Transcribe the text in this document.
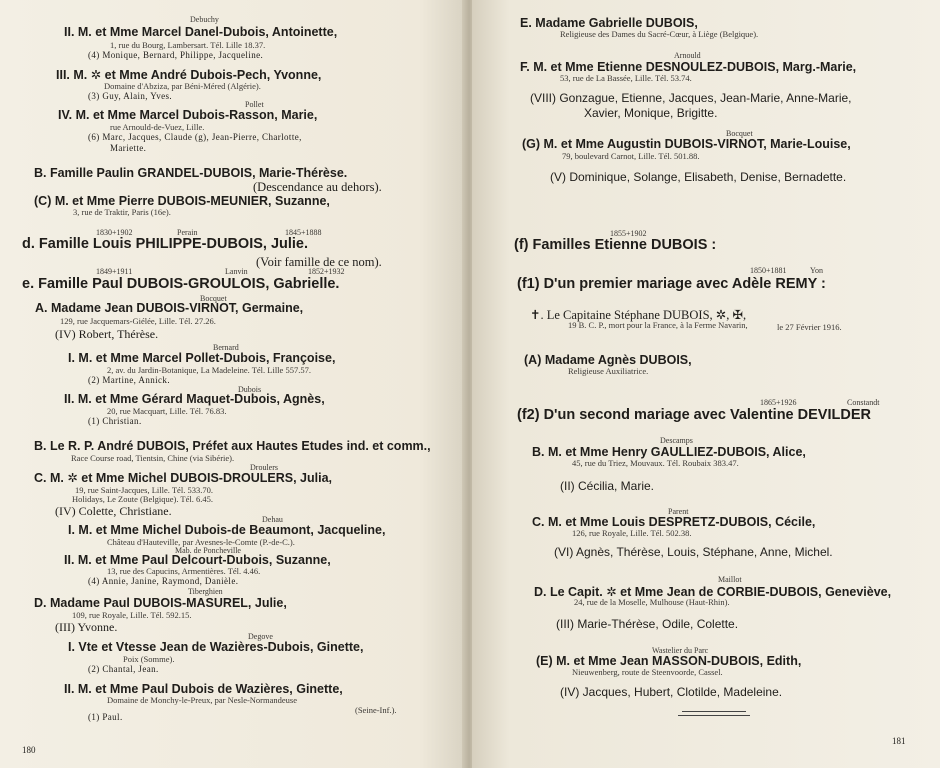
Debuchy
II. M. et Mme Marcel Danel-Dubois, Antoinette,
1, rue du Bourg, Lambersart. Tél. Lille 18.37.
(4) Monique, Bernard, Philippe, Jacqueline.
III. M. ✲ et Mme André Dubois-Pech, Yvonne,
Domaine d'Abziza, par Béni-Méred (Algérie).
(3) Guy, Alain, Yves.
Pollet
IV. M. et Mme Marcel Dubois-Rasson, Marie,
rue Arnould-de-Vuez, Lille.
(6) Marc, Jacques, Claude (g), Jean-Pierre, Charlotte,
Mariette.
B. Famille Paulin GRANDEL-DUBOIS, Marie-Thérèse.
(Descendance au dehors).
(C) M. et Mme Pierre DUBOIS-MEUNIER, Suzanne,
3, rue de Traktir, Paris (16e).
1830+1902	Perain	1845+1888
d. Famille Louis PHILIPPE-DUBOIS, Julie.
(Voir famille de ce nom).
1849+1911	Lanvin	1852+1932
e. Famille Paul DUBOIS-GROULOIS, Gabrielle.
Bocquet
A. Madame Jean DUBOIS-VIRNOT, Germaine,
129, rue Jacquemars-Giélée, Lille. Tél. 27.26.
(IV) Robert, Thérèse.
Bernard
I. M. et Mme Marcel Pollet-Dubois, Françoise,
2, av. du Jardin-Botanique, La Madeleine. Tél. Lille 557.57.
(2) Martine, Annick.
Dubois
II. M. et Mme Gérard Maquet-Dubois, Agnès,
20, rue Macquart, Lille. Tél. 76.83.
(1) Christian.
B. Le R. P. André DUBOIS, Préfet aux Hautes Etudes ind. et comm.,
Race Course road, Tientsin, Chine (via Sibérie).
Droulers
C. M. ✲ et Mme Michel DUBOIS-DROULERS, Julia,
19, rue Saint-Jacques, Lille. Tél. 533.70.
Holidays, Le Zoute (Belgique). Tél. 6.45.
(IV) Colette, Christiane.
Dehau
I. M. et Mme Michel Dubois-de Beaumont, Jacqueline,
Château d'Hauteville, par Avesnes-le-Comte (P.-de-C.).
Mab. de Poncheville
II. M. et Mme Paul Delcourt-Dubois, Suzanne,
13, rue des Capucins, Armentières. Tél. 4.46.
(4) Annie, Janine, Raymond, Danièle.
Tiberghien
D. Madame Paul DUBOIS-MASUREL, Julie,
109, rue Royale, Lille. Tél. 592.15.
(III) Yvonne.
Degove
I. Vte et Vtesse Jean de Wazières-Dubois, Ginette,
Poix (Somme).
(2) Chantal, Jean.
II. M. et Mme Paul Dubois de Wazières, Ginette,
Domaine de Monchy-le-Preux, par Nesle-Normandeuse
(Seine-Inf.).
(1) Paul.
180
E. Madame Gabrielle DUBOIS,
Religieuse des Dames du Sacré-Cœur, à Liège (Belgique).
Arnould
F. M. et Mme Etienne DESNOULEZ-DUBOIS, Marg.-Marie,
53, rue de La Bassée, Lille. Tél. 53.74.
(VIII) Gonzague, Etienne, Jacques, Jean-Marie, Anne-Marie,
Xavier, Monique, Brigitte.
Bocquet
(G) M. et Mme Augustin DUBOIS-VIRNOT, Marie-Louise,
79, boulevard Carnot, Lille. Tél. 501.88.
(V) Dominique, Solange, Elisabeth, Denise, Bernadette.
1855+1902
(f) Familles Etienne DUBOIS :
1850+1881	Yon
(f1) D'un premier mariage avec Adèle REMY :
✝. Le Capitaine Stéphane DUBOIS, ✲, ✠,
19 B. C. P., mort pour la France, à la Ferme Navarin,	le 27 Février 1916.
(A) Madame Agnès DUBOIS,
Religieuse Auxiliatrice.
1865+1926	Constandt
(f2) D'un second mariage avec Valentine DEVILDER
Descamps
B. M. et Mme Henry GAULLIEZ-DUBOIS, Alice,
45, rue du Triez, Mouvaux. Tél. Roubaix 383.47.
(II) Cécilia, Marie.
Parent
C. M. et Mme Louis DESPRETZ-DUBOIS, Cécile,
126, rue Royale, Lille. Tél. 502.38.
(VI) Agnès, Thérèse, Louis, Stéphane, Anne, Michel.
Maillot
D. Le Capit. ✲ et Mme Jean de CORBIE-DUBOIS, Geneviève,
24, rue de la Moselle, Mulhouse (Haut-Rhin).
(III) Marie-Thérèse, Odile, Colette.
Wastelier du Parc
(E) M. et Mme Jean MASSON-DUBOIS, Edith,
Nieuwenberg, route de Steenvoorde, Cassel.
(IV) Jacques, Hubert, Clotilde, Madeleine.
181
